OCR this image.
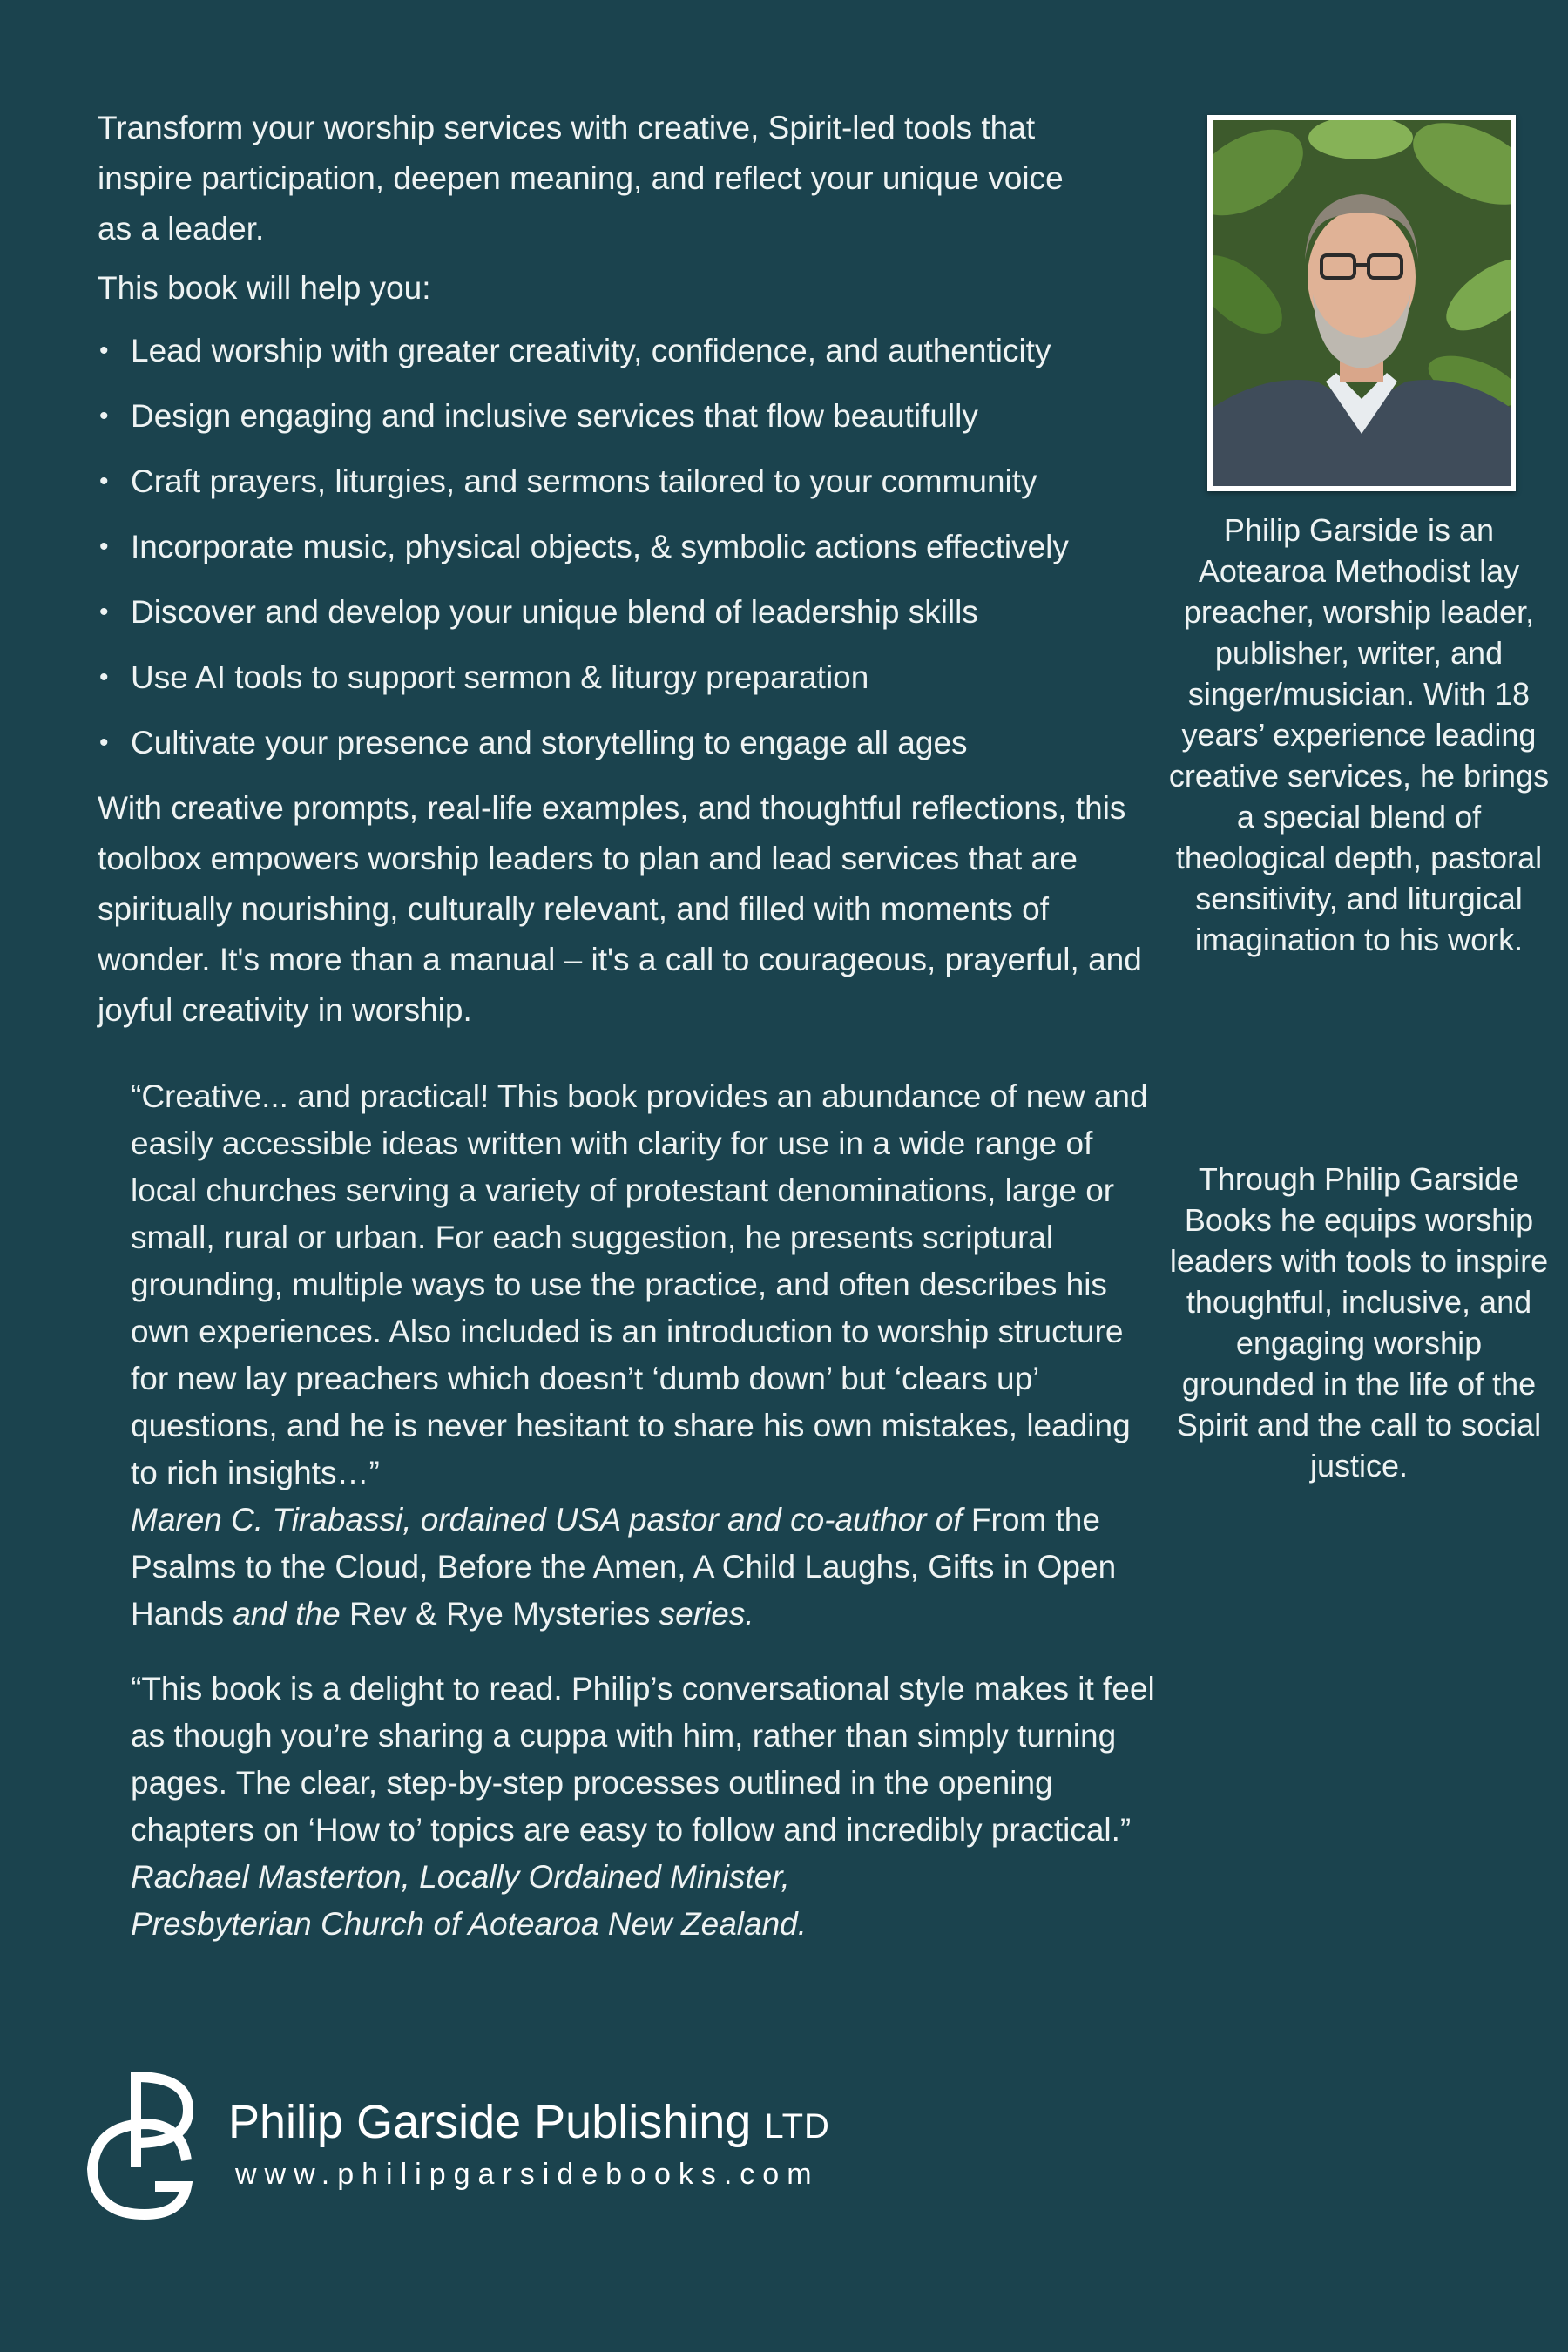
Transform your worship services with creative, Spirit-led tools that inspire participation, deepen meaning, and reflect your unique voice as a leader.

This book will help you:

• Lead worship with greater creativity, confidence, and authenticity
• Design engaging and inclusive services that flow beautifully
• Craft prayers, liturgies, and sermons tailored to your community
• Incorporate music, physical objects, & symbolic actions effectively
• Discover and develop your unique blend of leadership skills
• Use AI tools to support sermon & liturgy preparation
• Cultivate your presence and storytelling to engage all ages

With creative prompts, real-life examples, and thoughtful reflections, this toolbox empowers worship leaders to plan and lead services that are spiritually nourishing, culturally relevant, and filled with moments of wonder. It's more than a manual – it's a call to courageous, prayerful, and joyful creativity in worship.

“Creative... and practical! This book provides an abundance of new and easily accessible ideas written with clarity for use in a wide range of local churches serving a variety of protestant denominations, large or small, rural or urban. For each suggestion, he presents scriptural grounding, multiple ways to use the practice, and often describes his own experiences. Also included is an introduction to worship structure for new lay preachers which doesn’t ‘dumb down’ but ‘clears up’ questions, and he is never hesitant to share his own mistakes, leading to rich insights…”

Maren C. Tirabassi, ordained USA pastor and co-author of From the Psalms to the Cloud, Before the Amen, A Child Laughs, Gifts in Open Hands and the Rev & Rye Mysteries series.

“This book is a delight to read. Philip’s conversational style makes it feel as though you’re sharing a cuppa with him, rather than simply turning pages. The clear, step-by-step processes outlined in the opening chapters on ‘How to’ topics are easy to follow and incredibly practical.”

Rachael Masterton, Locally Ordained Minister,
Presbyterian Church of Aotearoa New Zealand.

Philip Garside is an Aotearoa Methodist lay preacher, worship leader, publisher, writer, and singer/musician. With 18 years’ experience leading creative services, he brings a special blend of theological depth, pastoral sensitivity, and liturgical imagination to his work.

Through Philip Garside Books he equips worship leaders with tools to inspire thoughtful, inclusive, and engaging worship grounded in the life of the Spirit and the call to social justice.

Philip Garside Publishing LTD
www.philipgarsidebooks.com
